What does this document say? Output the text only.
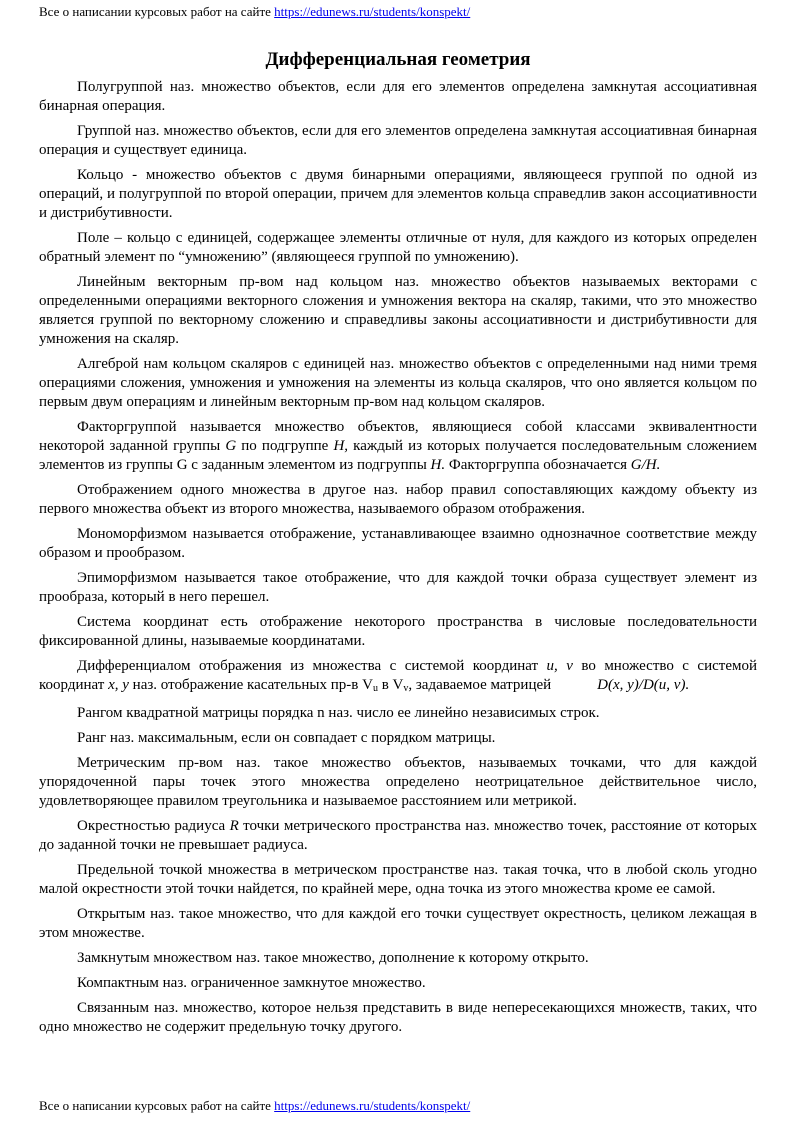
Все о написании курсовых работ на сайте https://edunews.ru/students/konspekt/
Дифференциальная геометрия

Полугруппой наз. множество объектов, если для его элементов определена замкнутая ассоциативная бинарная операция.

Группой наз. множество объектов, если для его элементов определена замкнутая ассоциативная бинарная операция и существует единица.

Кольцо - множество объектов с двумя бинарными операциями, являющееся группой по одной из операций, и полугруппой по второй операции, причем для элементов кольца справедлив закон ассоциативности и дистрибутивности.

Поле – кольцо с единицей, содержащее элементы отличные от нуля, для каждого из которых определен обратный элемент по “умножению” (являющееся группой по умножению).

Линейным векторным пр-вом над кольцом наз. множество объектов называемых векторами с определенными операциями векторного сложения и умножения вектора на скаляр, такими, что это множество является группой по векторному сложению и справедливы законы ассоциативности и дистрибутивности для умножения на скаляр.

Алгеброй нам кольцом скаляров с единицей наз. множество объектов с определенными над ними тремя операциями сложения, умножения и умножения на элементы из кольца скаляров, что оно является кольцом по первым двум операциям и линейным векторным пр-вом над кольцом скаляров.

Факторгруппой называется множество объектов, являющиеся собой классами эквивалентности некоторой заданной группы G по подгруппе H, каждый из которых получается последовательным сложением элементов из группы G с заданным элементом из подгруппы H. Факторгруппа обозначается G/H.

Отображением одного множества в другое наз. набор правил сопоставляющих каждому объекту из первого множества объект из второго множества, называемого образом отображения.

Мономорфизмом называется отображение, устанавливающее взаимно однозначное соответствие между образом и прообразом.

Эпиморфизмом называется такое отображение, что для каждой точки образа существует элемент из прообраза, который в него перешел.

Система координат есть отображение некоторого пространства в числовые последовательности фиксированной длины, называемые координатами.

Дифференциалом отображения из множества с системой координат u, v во множество с системой координат x, y наз. отображение касательных пр-в $V_u$ в $V_v$, задаваемое матрицей	D(x, y)/D(u, v).

Рангом квадратной матрицы порядка n наз. число ее линейно независимых строк.

Ранг наз. максимальным, если он совпадает с порядком матрицы.

Метрическим пр-вом наз. такое множество объектов, называемых точками, что для каждой упорядоченной пары точек этого множества определено неотрицательное действительное число, удовлетворяющее правилом треугольника и называемое расстоянием или метрикой.

Окрестностью радиуса R точки метрического пространства наз. множество точек, расстояние от которых до заданной точки не превышает радиуса.

Предельной точкой множества в метрическом пространстве наз. такая точка, что в любой сколь угодно малой окрестности этой точки найдется, по крайней мере, одна точка из этого множества кроме ее самой.

Открытым наз. такое множество, что для каждой его точки существует окрестность, целиком лежащая в этом множестве.

Замкнутым множеством наз. такое множество, дополнение к которому открыто.

Компактным наз. ограниченное замкнутое множество.

Связанным наз. множество, которое нельзя представить в виде непересекающихся множеств, таких, что одно множество не содержит предельную точку другого.

Все о написании курсовых работ на сайте https://edunews.ru/students/konspekt/
